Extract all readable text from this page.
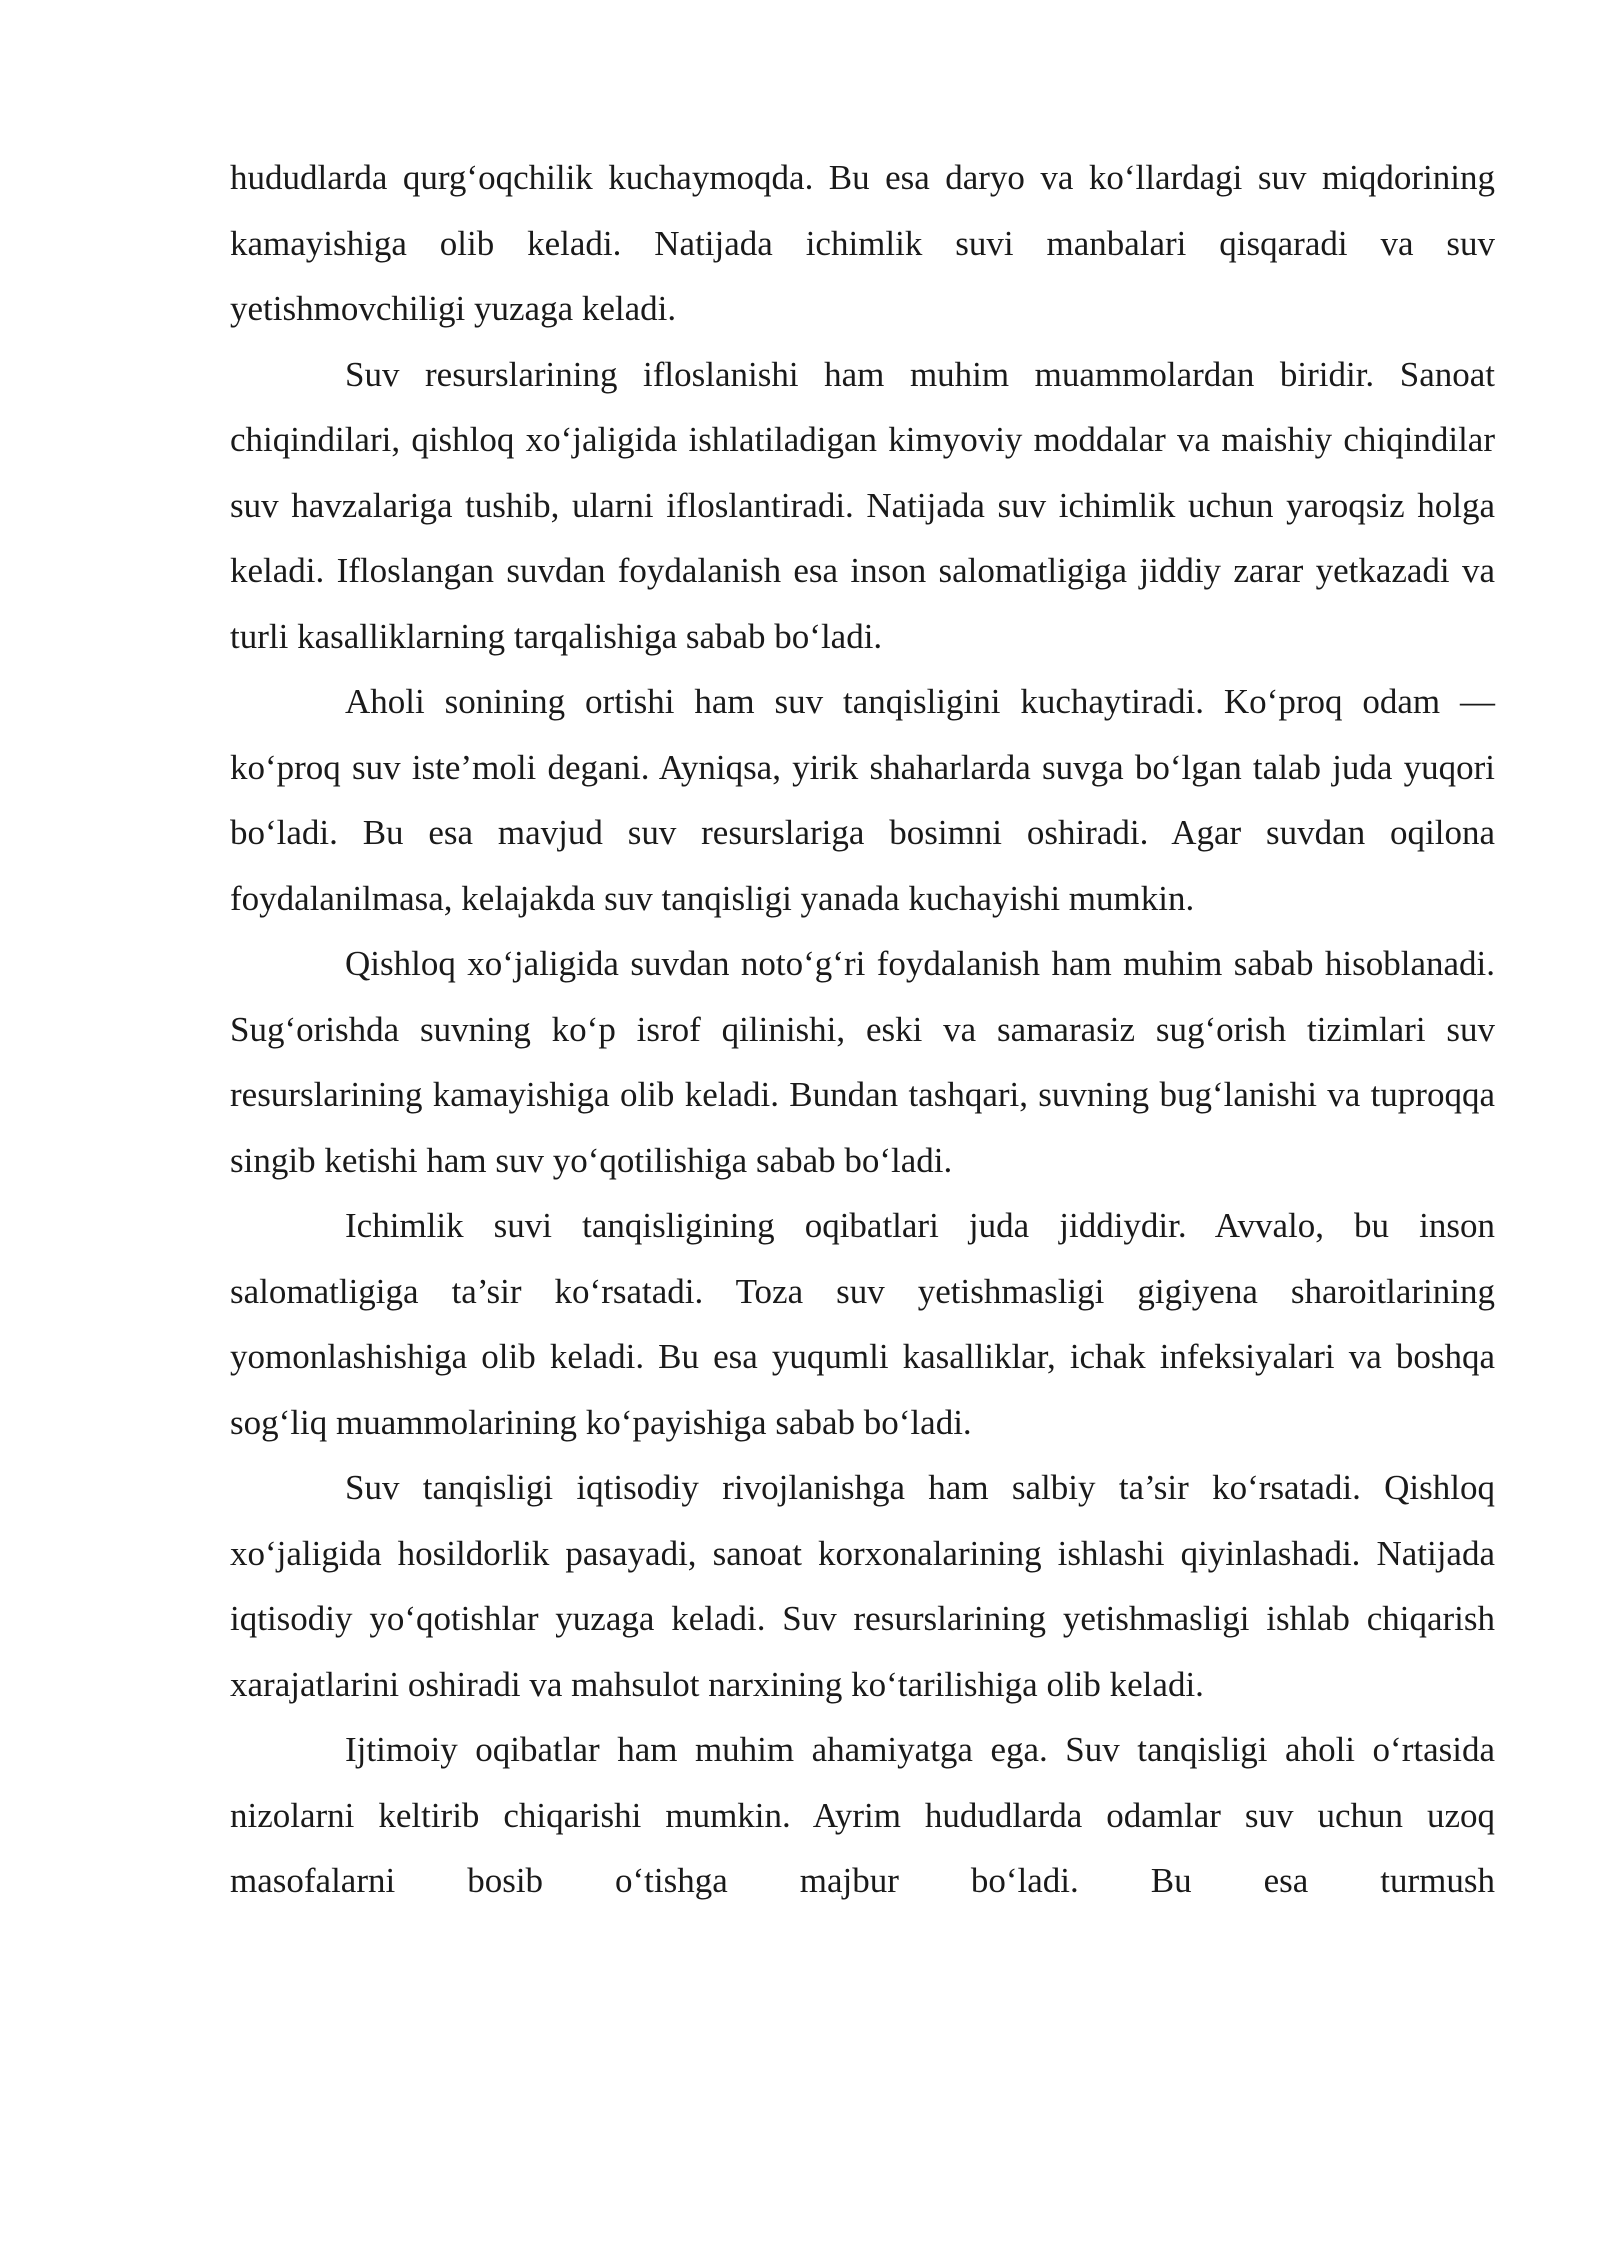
hududlarda qurg‘oqchilik kuchaymoqda. Bu esa daryo va ko‘llardagi suv miqdorining kamayishiga olib keladi. Natijada ichimlik suvi manbalari qisqaradi va suv yetishmovchiligi yuzaga keladi.

Suv resurslarining ifloslanishi ham muhim muammolardan biridir. Sanoat chiqindilari, qishloq xo‘jaligida ishlatiladigan kimyoviy moddalar va maishiy chiqindilar suv havzalariga tushib, ularni ifloslantiradi. Natijada suv ichimlik uchun yaroqsiz holga keladi. Ifloslangan suvdan foydalanish esa inson salomatligiga jiddiy zarar yetkazadi va turli kasalliklarning tarqalishiga sabab bo‘ladi.

Aholi sonining ortishi ham suv tanqisligini kuchaytiradi. Ko‘proq odam — ko‘proq suv iste’moli degani. Ayniqsa, yirik shaharlarda suvga bo‘lgan talab juda yuqori bo‘ladi. Bu esa mavjud suv resurslariga bosimni oshiradi. Agar suvdan oqilona foydalanilmasa, kelajakda suv tanqisligi yanada kuchayishi mumkin.

Qishloq xo‘jaligida suvdan noto‘g‘ri foydalanish ham muhim sabab hisoblanadi. Sug‘orishda suvning ko‘p isrof qilinishi, eski va samarasiz sug‘orish tizimlari suv resurslarining kamayishiga olib keladi. Bundan tashqari, suvning bug‘lanishi va tuproqqa singib ketishi ham suv yo‘qotilishiga sabab bo‘ladi.

Ichimlik suvi tanqisligining oqibatlari juda jiddiydir. Avvalo, bu inson salomatligiga ta’sir ko‘rsatadi. Toza suv yetishmasligi gigiyena sharoitlarining yomonlashishiga olib keladi. Bu esa yuqumli kasalliklar, ichak infeksiyalari va boshqa sog‘liq muammolarining ko‘payishiga sabab bo‘ladi.

Suv tanqisligi iqtisodiy rivojlanishga ham salbiy ta’sir ko‘rsatadi. Qishloq xo‘jaligida hosildorlik pasayadi, sanoat korxonalarining ishlashi qiyinlashadi. Natijada iqtisodiy yo‘qotishlar yuzaga keladi. Suv resurslarining yetishmasligi ishlab chiqarish xarajatlarini oshiradi va mahsulot narxining ko‘tarilishiga olib keladi.

Ijtimoiy oqibatlar ham muhim ahamiyatga ega. Suv tanqisligi aholi o‘rtasida nizolarni keltirib chiqarishi mumkin. Ayrim hududlarda odamlar suv uchun uzoq masofalarni bosib o‘tishga majbur bo‘ladi. Bu esa turmush
